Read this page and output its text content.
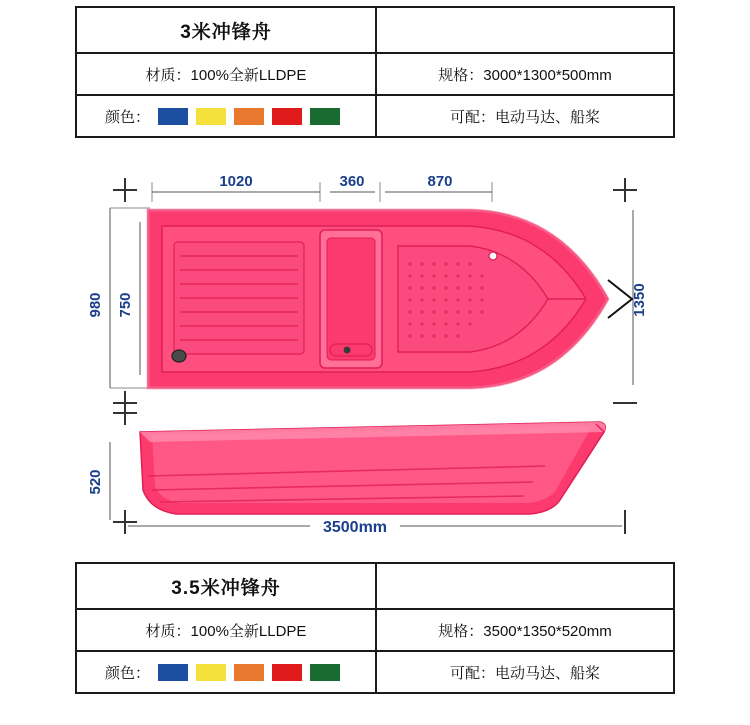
3米冲锋舟
材质：100%全新LLDPE	规格：3000*1300*500mm
颜色：	可配：电动马达、船桨
1020	360	870
980 750	1350
520
3500mm
3.5米冲锋舟
材质：100%全新LLDPE	规格：3500*1350*520mm
颜色：	可配：电动马达、船桨
